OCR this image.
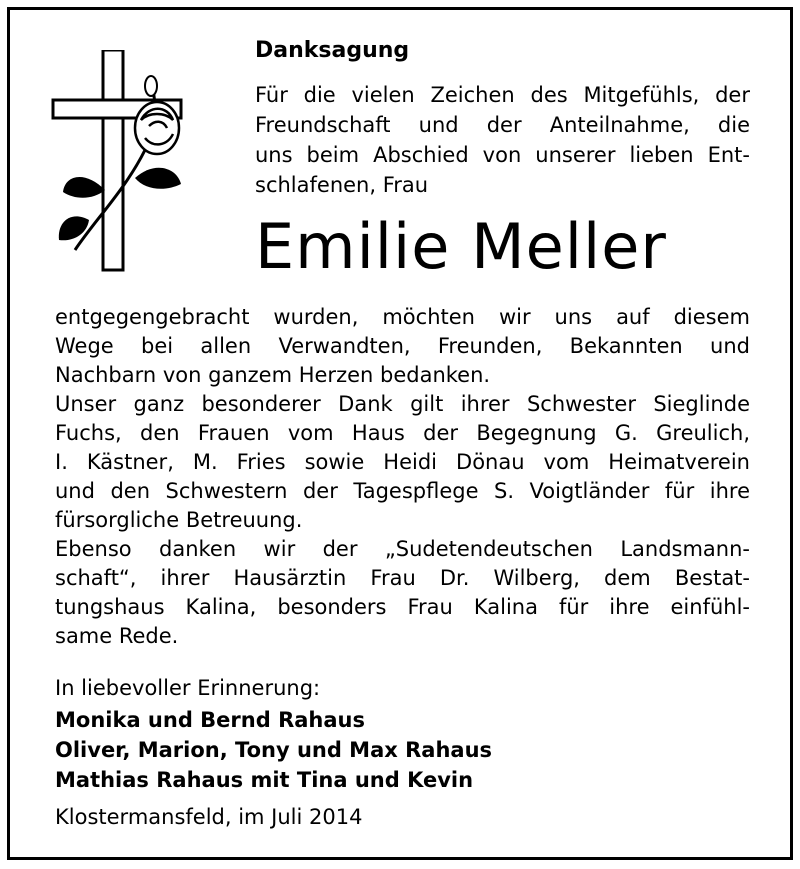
Danksagung
Für die vielen Zeichen des Mitgefühls, der
Freundschaft und der Anteilnahme, die
uns beim Abschied von unserer lieben Ent-
schlafenen, Frau
Emilie Meller
entgegengebracht wurden, möchten wir uns auf diesem
Wege bei allen Verwandten, Freunden, Bekannten und
Nachbarn von ganzem Herzen bedanken.
Unser ganz besonderer Dank gilt ihrer Schwester Sieglinde
Fuchs, den Frauen vom Haus der Begegnung G. Greulich,
I. Kästner, M. Fries sowie Heidi Dönau vom Heimatverein
und den Schwestern der Tagespflege S. Voigtländer für ihre
fürsorgliche Betreuung.
Ebenso danken wir der „Sudetendeutschen Landsmann-
schaft“, ihrer Hausärztin Frau Dr. Wilberg, dem Bestat-
tungshaus Kalina, besonders Frau Kalina für ihre einfühl-
same Rede.
In liebevoller Erinnerung:
Monika und Bernd Rahaus
Oliver, Marion, Tony und Max Rahaus
Mathias Rahaus mit Tina und Kevin
Klostermansfeld, im Juli 2014
